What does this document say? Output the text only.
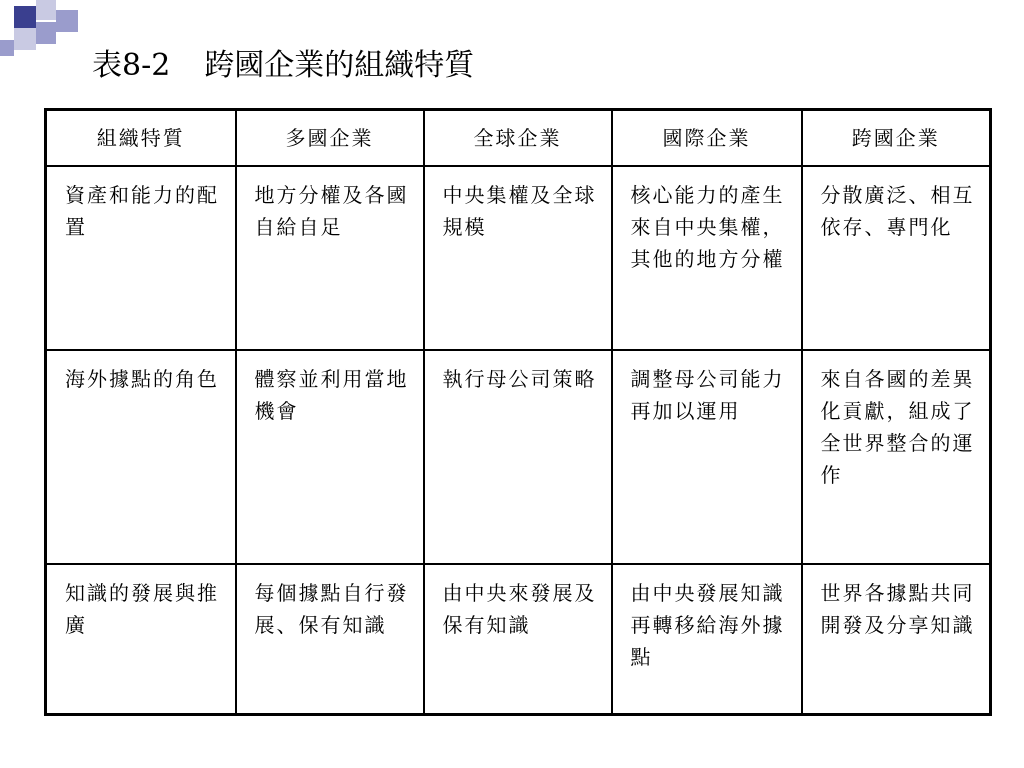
表8-2 跨國企業的組織特質
組織特質	多國企業	全球企業	國際企業	跨國企業

資產和能力的配置	地方分權及各國自給自足	中央集權及全球規模	核心能力的產生來自中央集權，其他的地方分權	分散廣泛、相互依存、專門化

海外據點的角色	體察並利用當地機會	執行母公司策略	調整母公司能力再加以運用	來自各國的差異化貢獻，組成了全世界整合的運作

知識的發展與推廣	每個據點自行發展、保有知識	由中央來發展及保有知識	由中央發展知識再轉移給海外據點	世界各據點共同開發及分享知識
